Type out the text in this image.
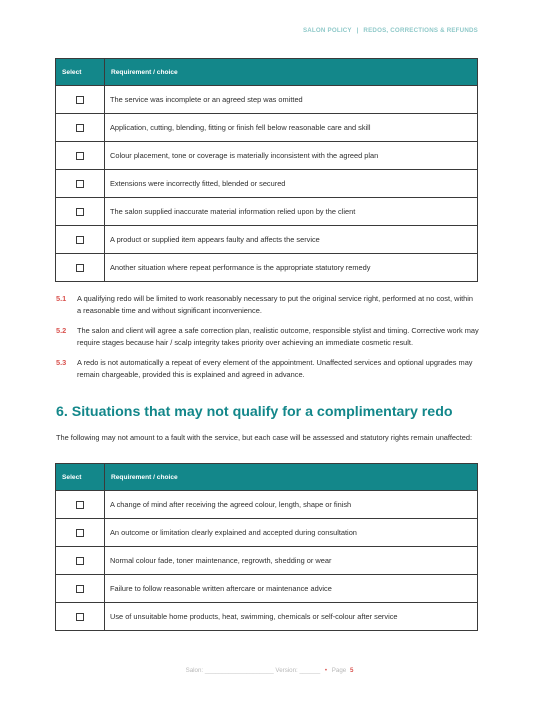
SALON POLICY | REDOS, CORRECTIONS & REFUNDS
Select	Requirement / choice
	The service was incomplete or an agreed step was omitted
	Application, cutting, blending, fitting or finish fell below reasonable care and skill
	Colour placement, tone or coverage is materially inconsistent with the agreed plan
	Extensions were incorrectly fitted, blended or secured
	The salon supplied inaccurate material information relied upon by the client
	A product or supplied item appears faulty and affects the service
	Another situation where repeat performance is the appropriate statutory remedy

5.1 A qualifying redo will be limited to work reasonably necessary to put the original service right, performed at no cost, within a reasonable time and without significant inconvenience.

5.2 The salon and client will agree a safe correction plan, realistic outcome, responsible stylist and timing. Corrective work may require stages because hair / scalp integrity takes priority over achieving an immediate cosmetic result.

5.3 A redo is not automatically a repeat of every element of the appointment. Unaffected services and optional upgrades may remain chargeable, provided this is explained and agreed in advance.

6. Situations that may not qualify for a complimentary redo

The following may not amount to a fault with the service, but each case will be assessed and statutory rights remain unaffected:

Select	Requirement / choice
	A change of mind after receiving the agreed colour, length, shape or finish
	An outcome or limitation clearly explained and accepted during consultation
	Normal colour fade, toner maintenance, regrowth, shedding or wear
	Failure to follow reasonable written aftercare or maintenance advice
	Use of unsuitable home products, heat, swimming, chemicals or self-colour after service
Salon: ____________________ Version: ______ • Page 5
